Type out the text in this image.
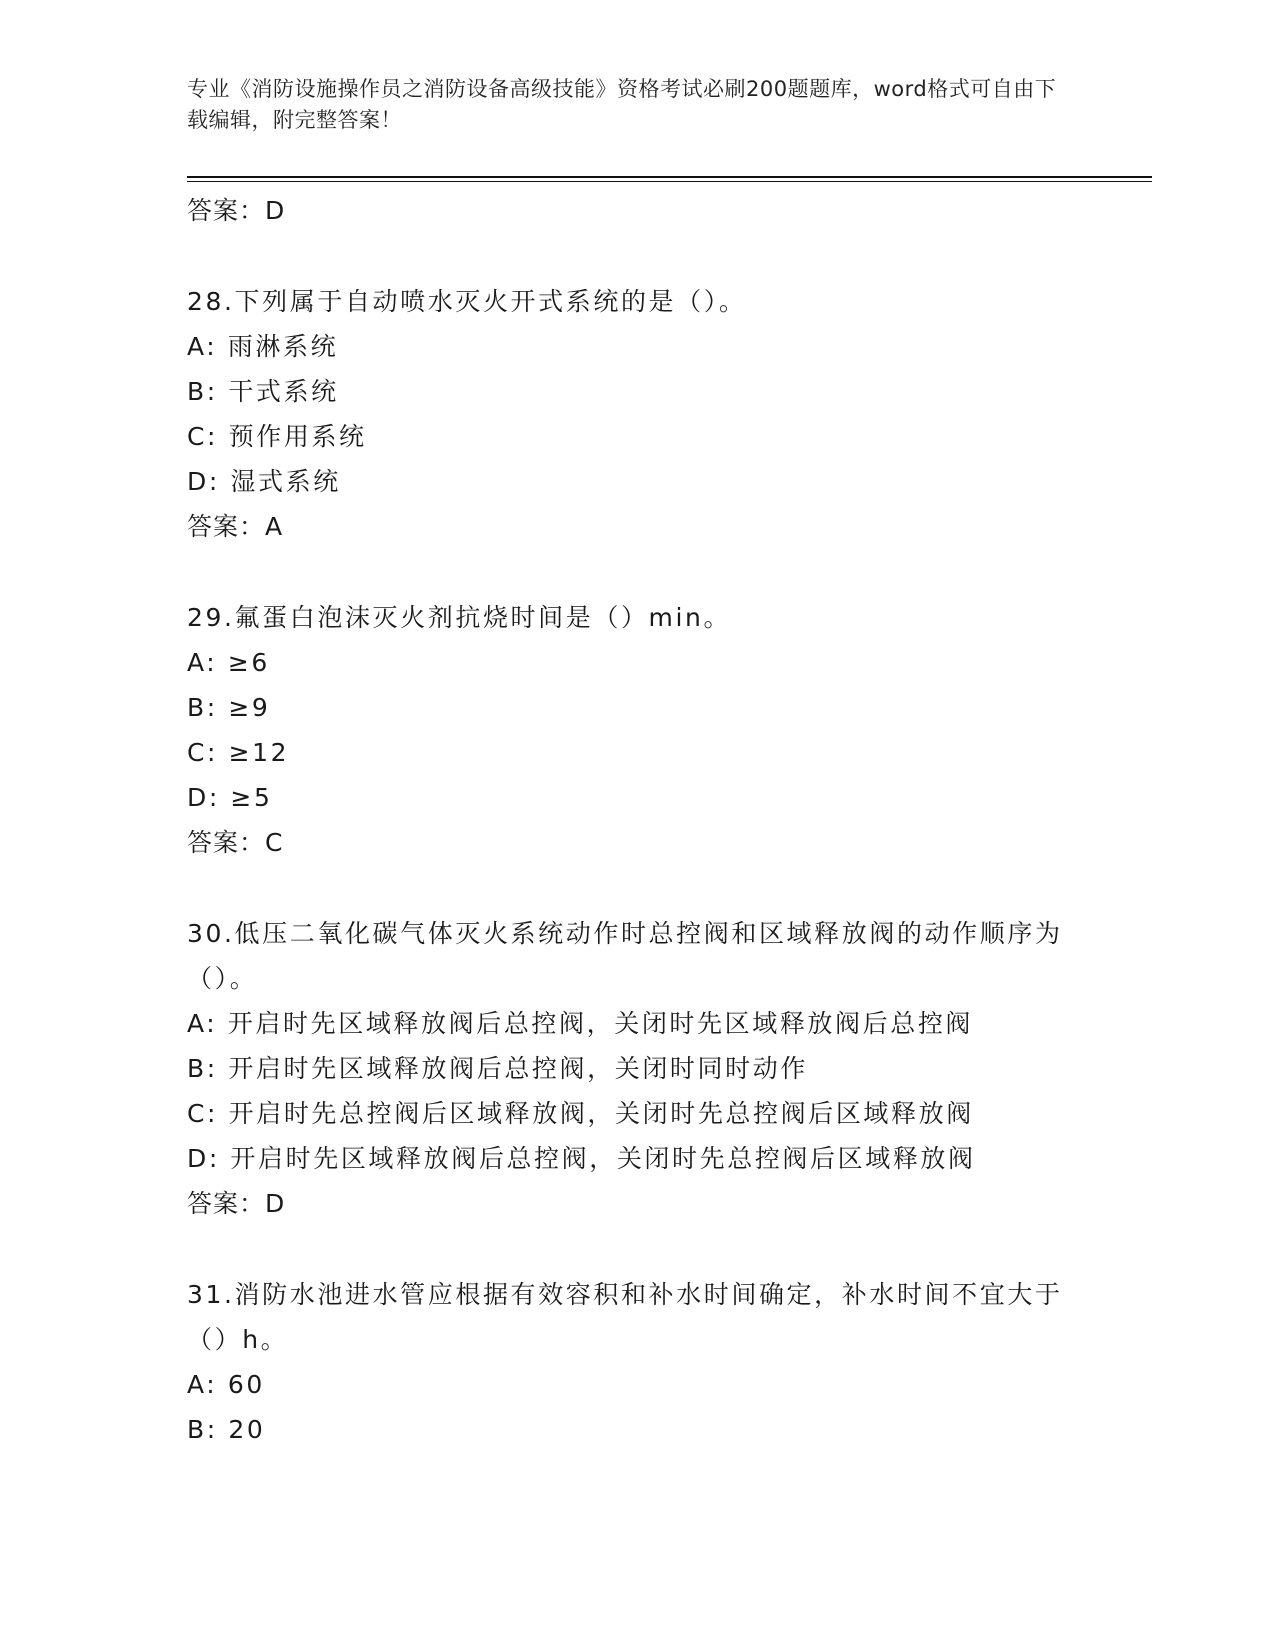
专业《消防设施操作员之消防设备高级技能》资格考试必刷200题题库，word格式可自由下载编辑，附完整答案！
答案：D
28.下列属于自动喷水灭火开式系统的是（）。
A: 雨淋系统
B: 干式系统
C: 预作用系统
D: 湿式系统
答案：A
29.氟蛋白泡沫灭火剂抗烧时间是（）min。
A: ≥6
B: ≥9
C: ≥12
D: ≥5
答案：C
30.低压二氧化碳气体灭火系统动作时总控阀和区域释放阀的动作顺序为（）。
A: 开启时先区域释放阀后总控阀，关闭时先区域释放阀后总控阀
B: 开启时先区域释放阀后总控阀，关闭时同时动作
C: 开启时先总控阀后区域释放阀，关闭时先总控阀后区域释放阀
D: 开启时先区域释放阀后总控阀，关闭时先总控阀后区域释放阀
答案：D
31.消防水池进水管应根据有效容积和补水时间确定，补水时间不宜大于（）h。
A: 60
B: 20
